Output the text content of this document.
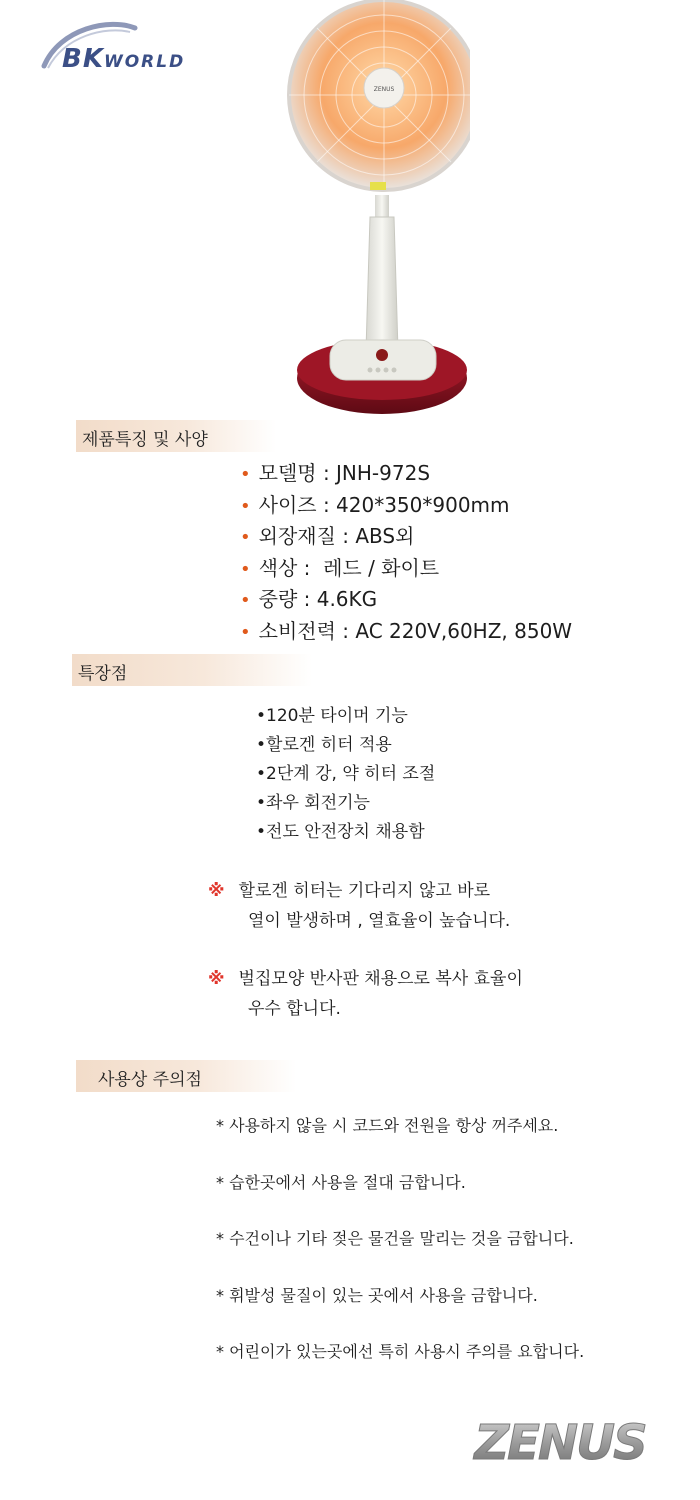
BKWORLD
ZENUS
제품특징 및 사양
• 모델명 : JNH-972S
• 사이즈 : 420*350*900mm
• 외장재질 : ABS외
• 색상 :  레드 / 화이트
• 중량 : 4.6KG
• 소비전력 : AC 220V,60HZ, 850W
특장점
•120분 타이머 기능
•할로겐 히터 적용
•2단계 강, 약 히터 조절
•좌우 회전기능
•전도 안전장치 채용함
※ 할로겐 히터는 기다리지 않고 바로
열이 발생하며 , 열효율이 높습니다.
※ 벌집모양 반사판 채용으로 복사 효율이
우수 합니다.
사용상 주의점
* 사용하지 않을 시 코드와 전원을 항상 꺼주세요.
* 습한곳에서 사용을 절대 금합니다.
* 수건이나 기타 젖은 물건을 말리는 것을 금합니다.
* 휘발성 물질이 있는 곳에서 사용을 금합니다.
* 어린이가 있는곳에선 특히 사용시 주의를 요합니다.
ZENUS
